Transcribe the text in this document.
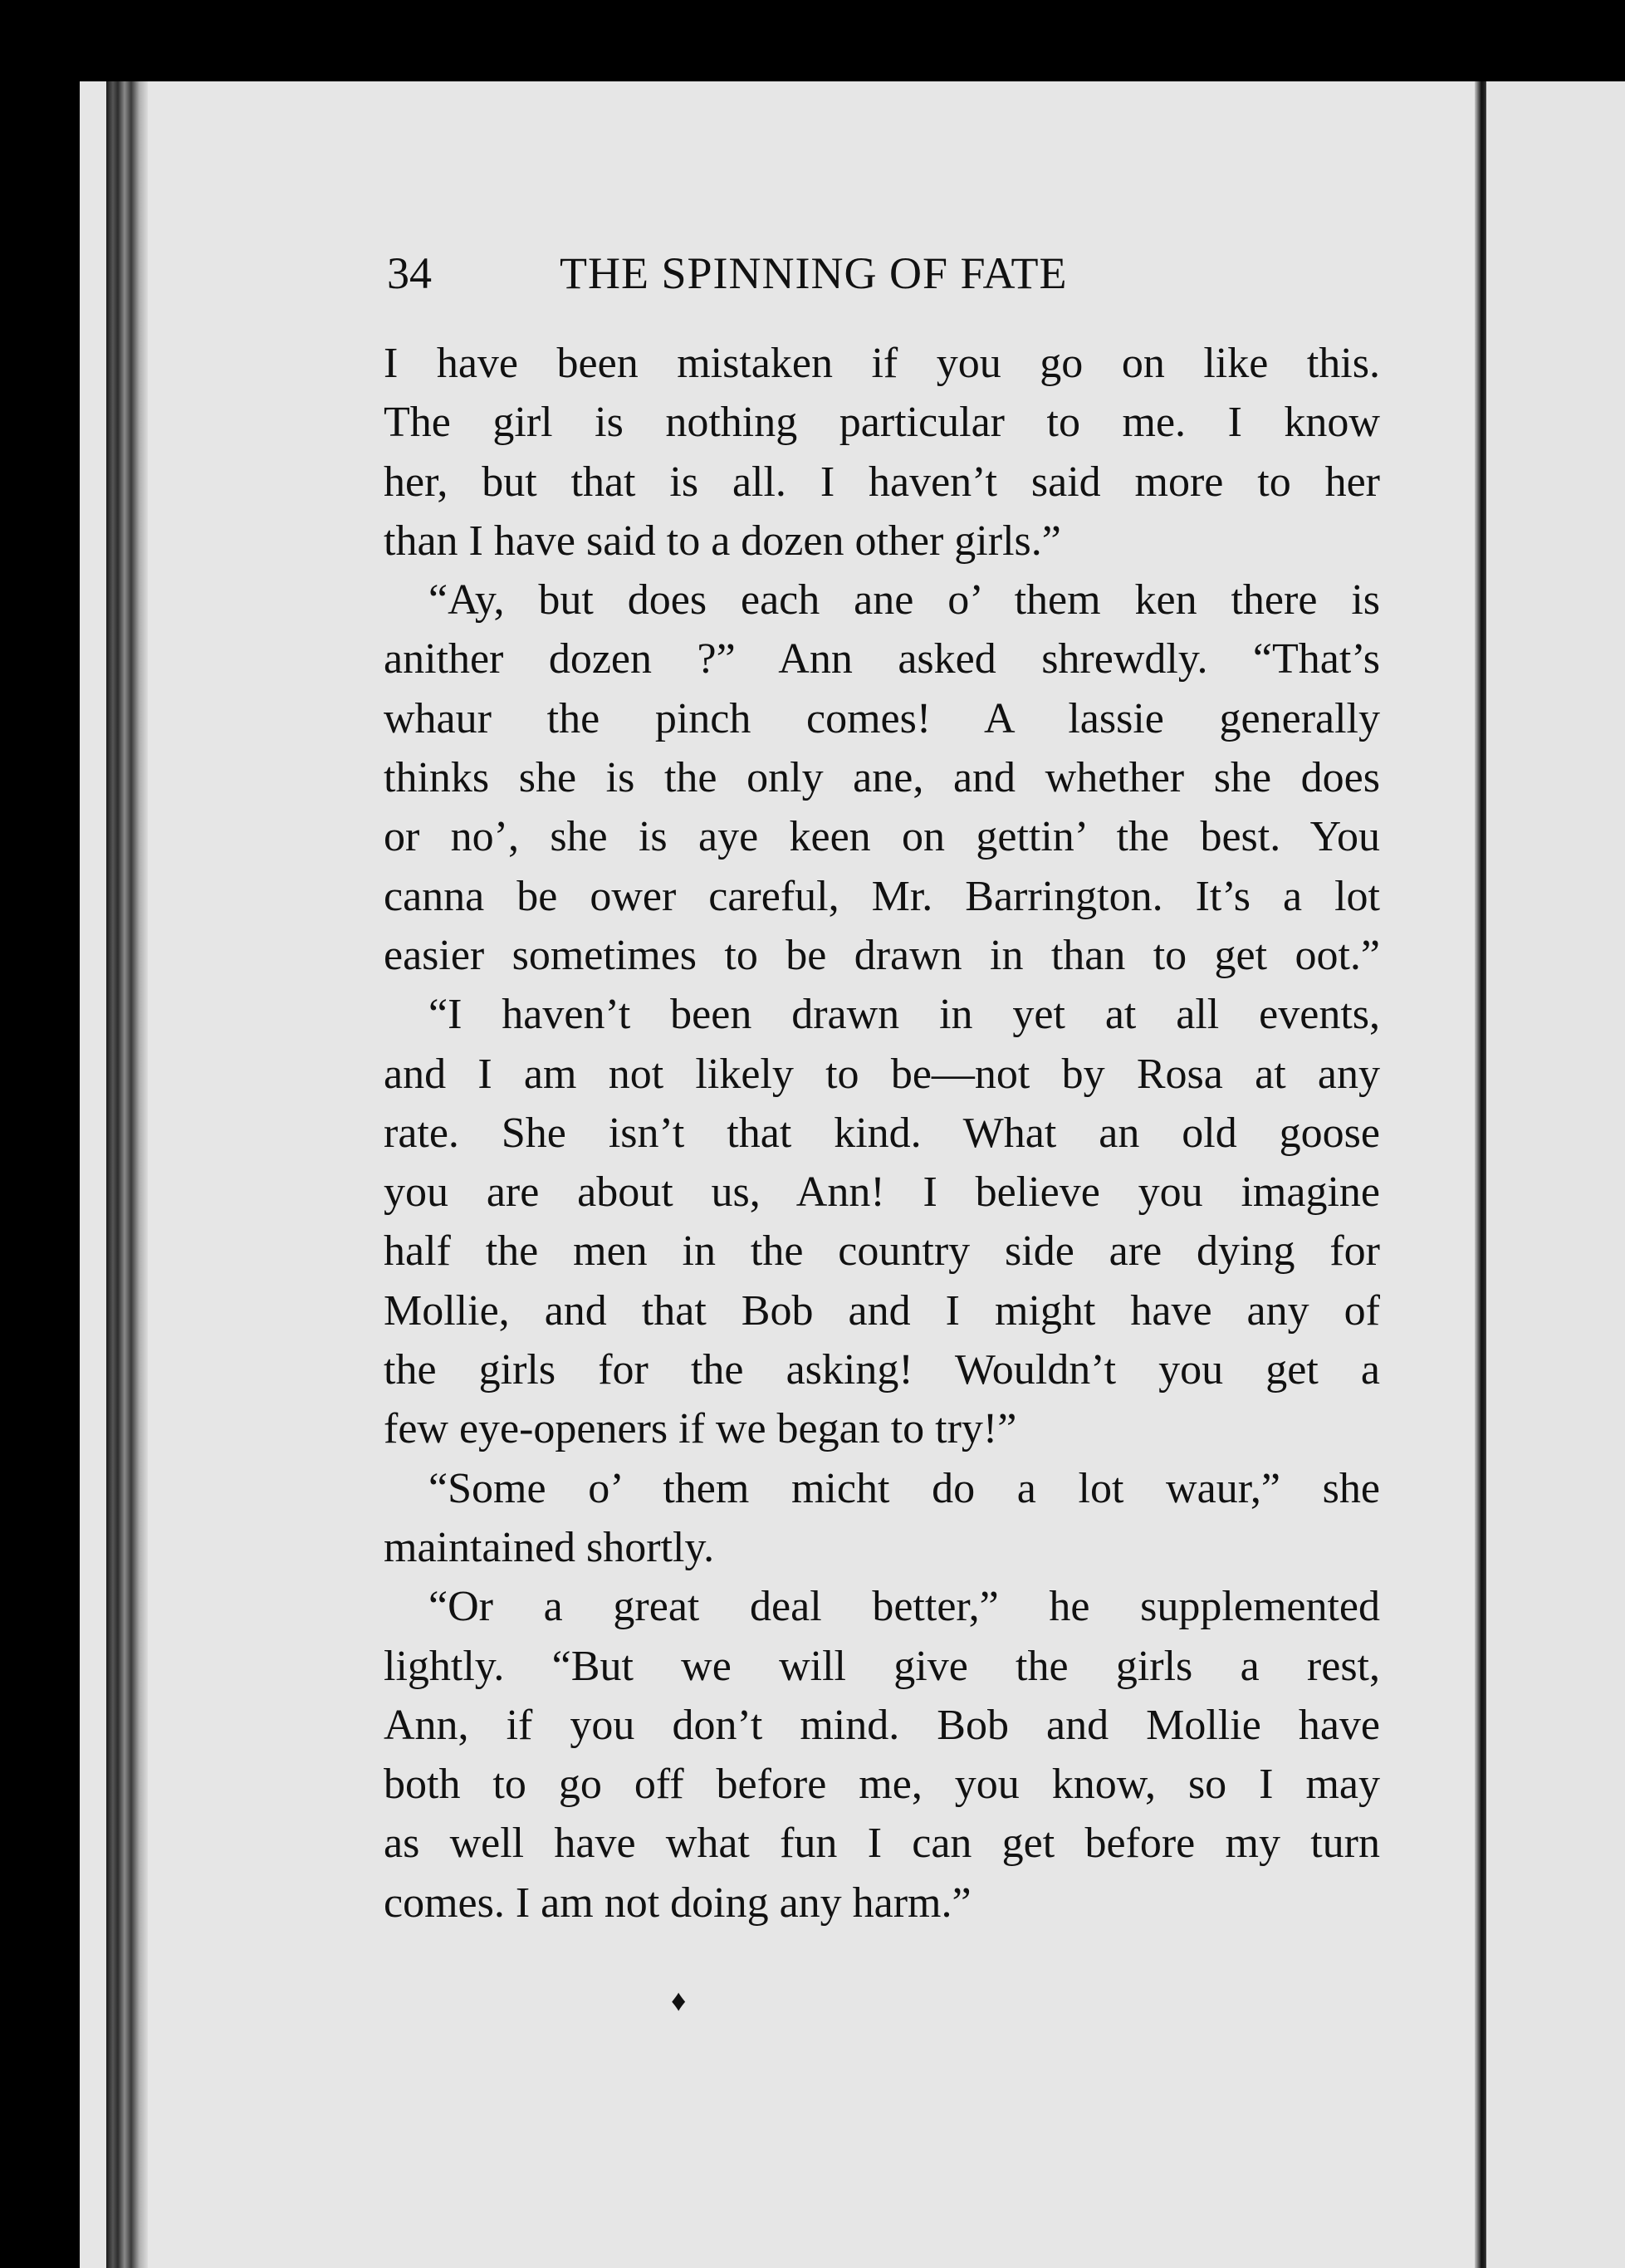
34	THE SPINNING OF FATE
I have been mistaken if you go on like this.
The girl is nothing particular to me. I know
her, but that is all. I haven’t said more to her
than I have said to a dozen other girls.”
“Ay, but does each ane o’ them ken there is
anither dozen ?” Ann asked shrewdly. “That’s
whaur the pinch comes! A lassie generally
thinks she is the only ane, and whether she does
or no’, she is aye keen on gettin’ the best. You
canna be ower careful, Mr. Barrington. It’s a lot
easier sometimes to be drawn in than to get oot.”
“I haven’t been drawn in yet at all events,
and I am not likely to be—not by Rosa at any
rate. She isn’t that kind. What an old goose
you are about us, Ann! I believe you imagine
half the men in the country side are dying for
Mollie, and that Bob and I might have any of
the girls for the asking! Wouldn’t you get a
few eye-openers if we began to try!”
“Some o’ them micht do a lot waur,” she
maintained shortly.
“Or a great deal better,” he supplemented
lightly. “But we will give the girls a rest,
Ann, if you don’t mind. Bob and Mollie have
both to go off before me, you know, so I may
as well have what fun I can get before my turn
comes. I am not doing any harm.”
♦
